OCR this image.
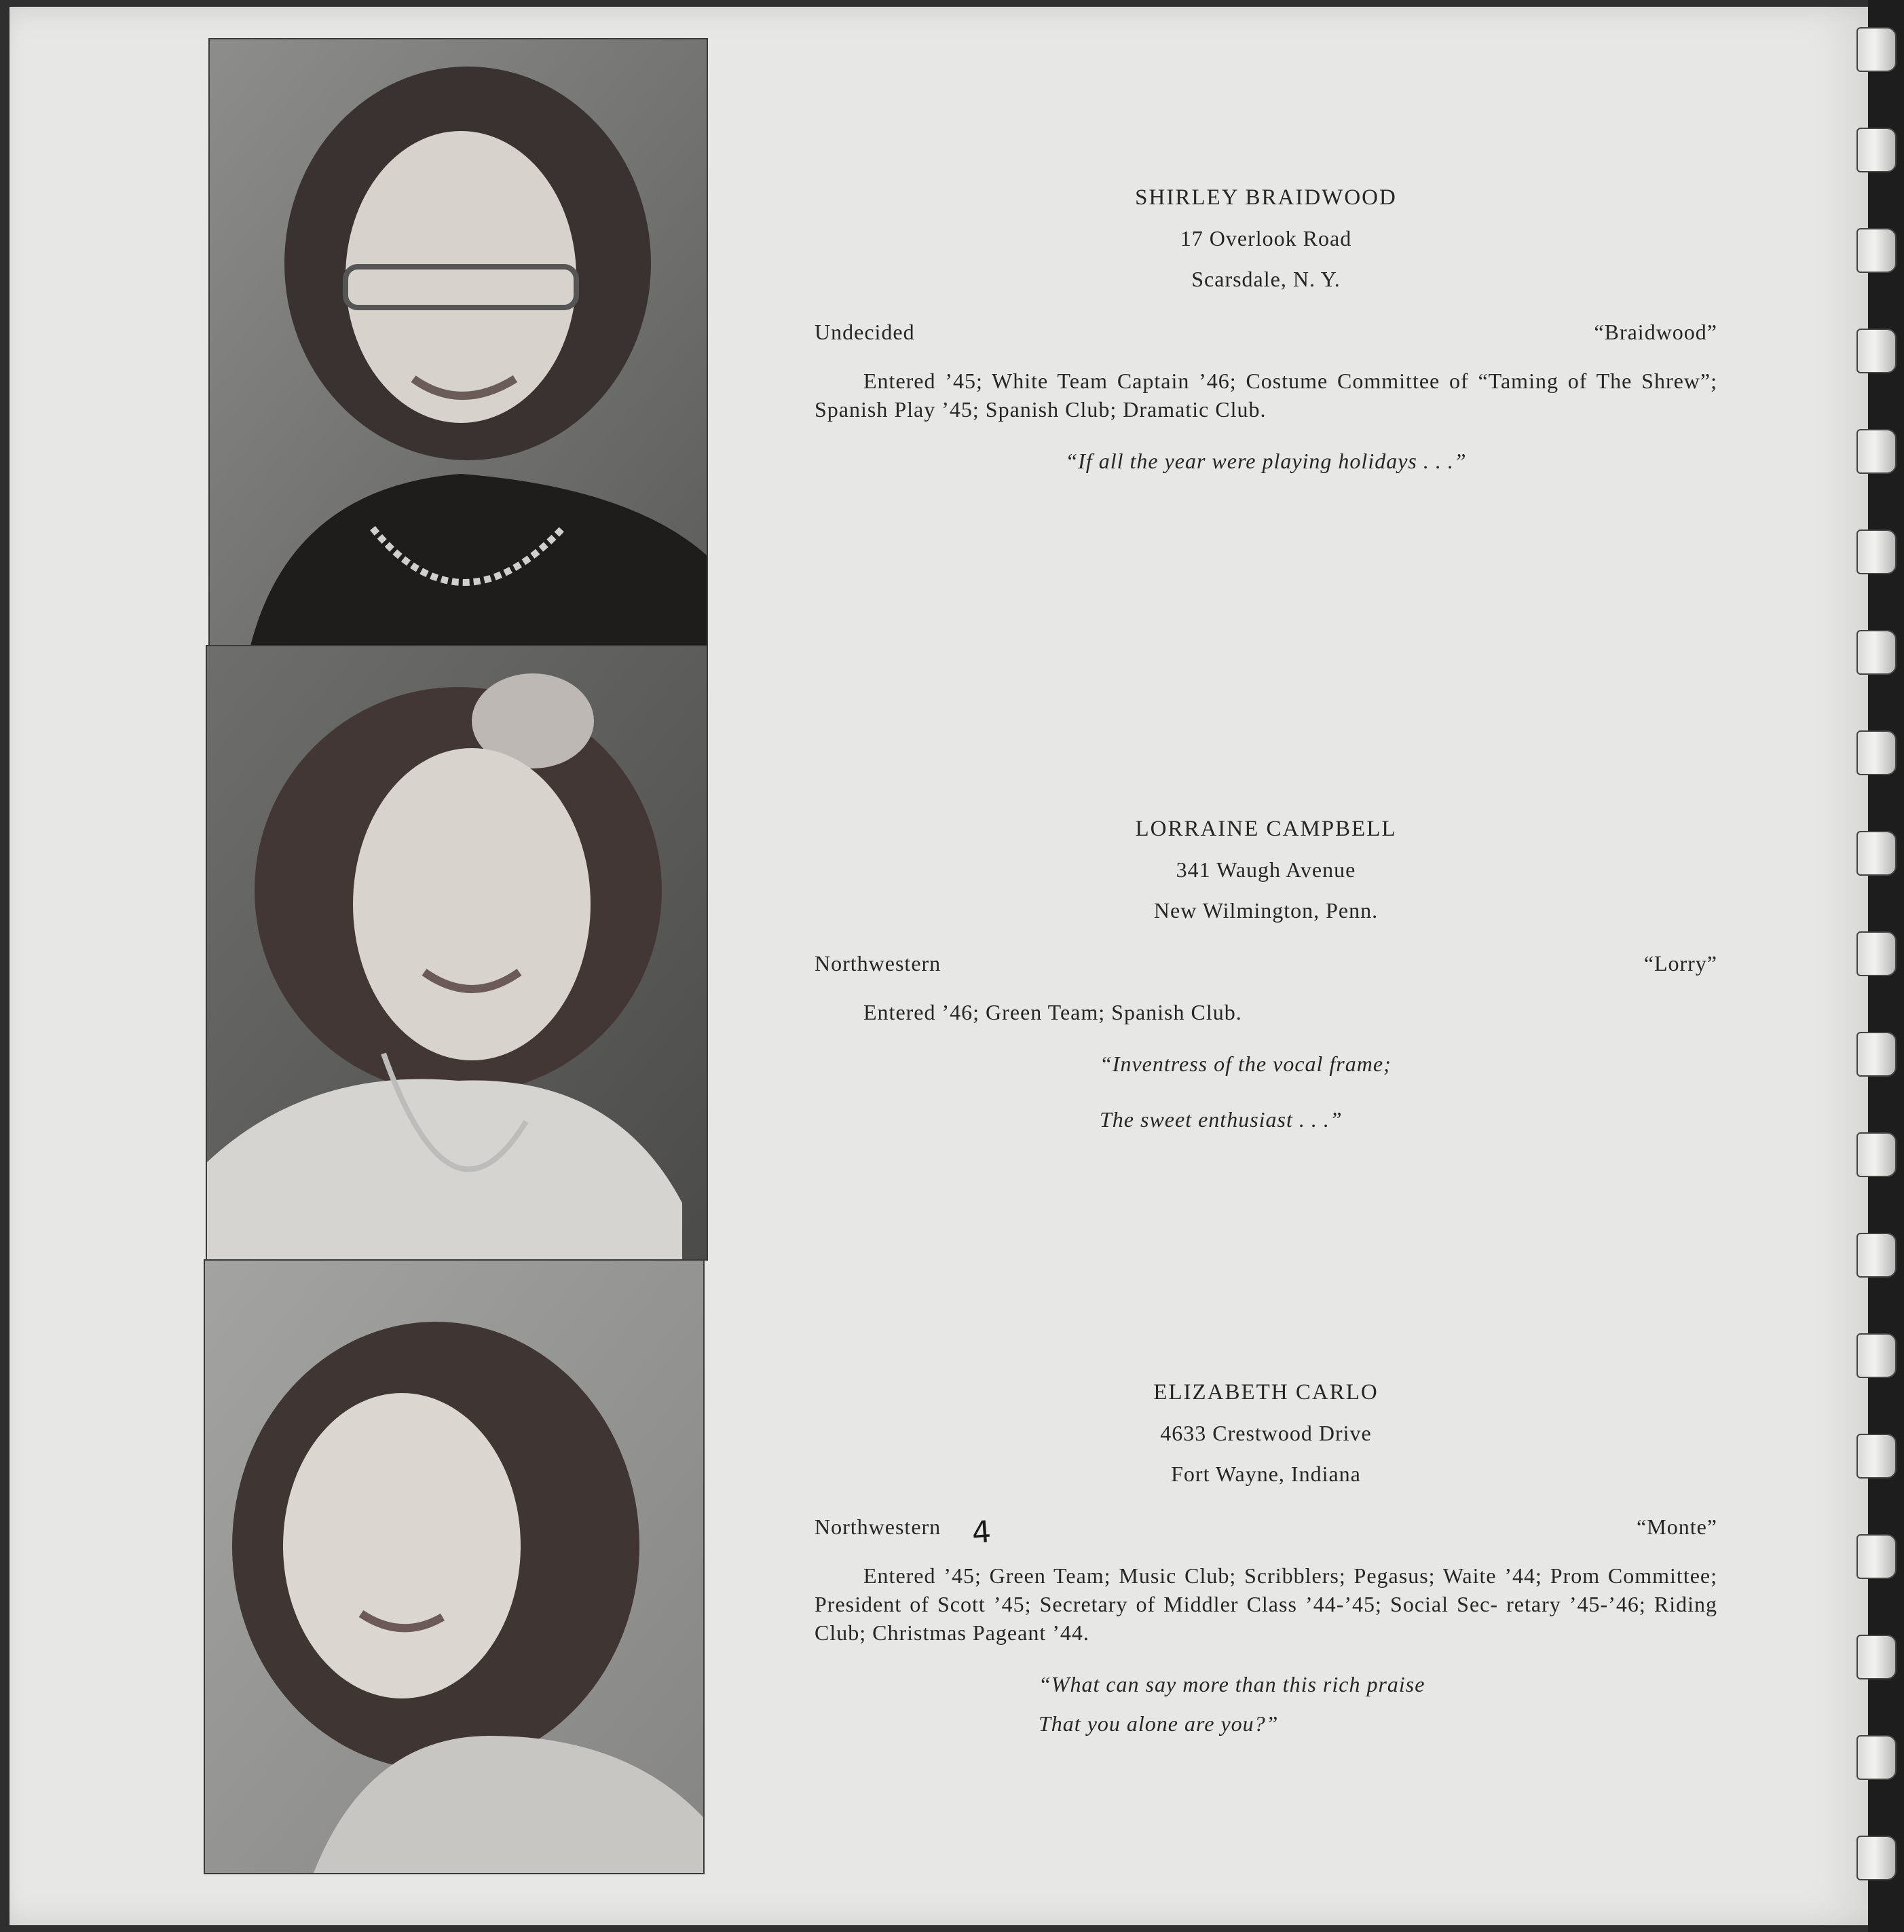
SHIRLEY BRAIDWOOD
17 Overlook Road
Scarsdale, N. Y.
Undecided	“Braidwood”
Entered ’45; White Team Captain ’46; Costume Committee of “Taming of The Shrew”; Spanish Play ’45; Spanish Club; Dramatic Club.
“If all the year were playing holidays . . .”
LORRAINE CAMPBELL
341 Waugh Avenue
New Wilmington, Penn.
Northwestern	“Lorry”
Entered ’46; Green Team; Spanish Club.
“Inventress of the vocal frame;
The sweet enthusiast . . .”
ELIZABETH CARLO
4633 Crestwood Drive
Fort Wayne, Indiana
Northwestern	“Monte”
Entered ’45; Green Team; Music Club; Scribblers; Pegasus; Waite ’44; Prom Committee; President of Scott ’45; Secretary of Middler Class ’44-’45; Social Sec- retary ’45-’46; Riding Club; Christmas Pageant ’44.
“What can say more than this rich praise
That you alone are you?”
4
